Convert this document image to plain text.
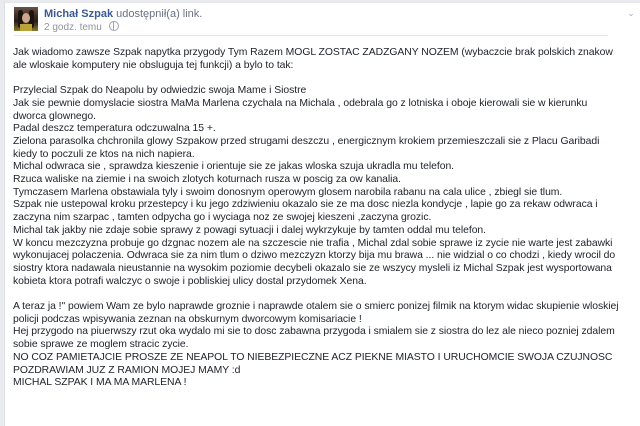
Michał Szpak udostępnił(a) link.
2 godz. temu
⌄

Jak wiadomo zawsze Szpak napytka przygody Tym Razem MOGL ZOSTAC ZADZGANY NOZEM (wybaczcie brak polskich znakow ale wloskaie komputery nie obsluguja tej funkcji) a bylo to tak:

Przylecial Szpak do Neapolu by odwiedzic swoja Mame i Siostre

Jak sie pewnie domyslacie siostra MaMa Marlena czychala na Michala , odebrala go z lotniska i oboje kierowali sie w kierunku dworca glownego.

Padal deszcz temperatura odczuwalna 15 +.

Zielona parasolka chchronila glowy Szpakow przed strugami deszczu , energicznym krokiem przemieszczali sie z Placu Garibadi kiedy to poczuli ze ktos na nich napiera.

Michal odwraca sie , sprawdza kieszenie i orientuje sie ze jakas wloska szuja ukradla mu telefon.

Rzuca waliske na ziemie i na swoich zlotych koturnach rusza w poscig za ow kanalia.

Tymczasem Marlena obstawiala tyly i swoim donosnym operowym glosem narobila rabanu na cala ulice , zbiegl sie tlum.

Szpak nie ustepowal kroku przestepcy i ku jego zdziwieniu okazalo sie ze ma dosc niezla kondycje , lapie go za rekaw odwraca i zaczyna nim szarpac , tamten odpycha go i wyciaga noz ze swojej kieszeni ,zaczyna grozic.

Michal tak jakby nie zdaje sobie sprawy z powagi sytuacji i dalej wykrzykuje by tamten oddal mu telefon.

W koncu mezczyzna probuje go dzgnac nozem ale na szczescie nie trafia , Michal zdal sobie sprawe iz zycie nie warte jest zabawki wykonujacej polaczenia. Odwraca sie za nim tlum o dziwo mezczyzn ktorzy bija mu brawa ... nie widzial o co chodzi , kiedy wrocil do siostry ktora nadawala nieustannie na wysokim poziomie decybeli okazalo sie ze wszycy mysleli iz Michal Szpak jest wysportowana kobieta ktora potrafi walczyc o swoje i pobliskiej ulicy dostal przydomek Xena.

A teraz ja !" powiem Wam ze bylo naprawde groznie i naprawde otalem sie o smierc ponizej filmik na ktorym widac skupienie wloskiej policji podczas wpisywania zeznan na obskurnym dworcowym komisariacie !

Hej przygodo na piuerwszy rzut oka wydalo mi sie to dosc zabawna przygoda i smialem sie z siostra do lez ale nieco pozniej zdalem sobie sprawe ze moglem stracic zycie.

NO COZ PAMIETAJCIE PROSZE ZE NEAPOL TO NIEBEZPIECZNE ACZ PIEKNE MIASTO I URUCHOMCIE SWOJA CZUJNOSC

POZDRAWIAM JUZ Z RAMION MOJEJ MAMY :d

MICHAL SZPAK I MA MA MARLENA !
